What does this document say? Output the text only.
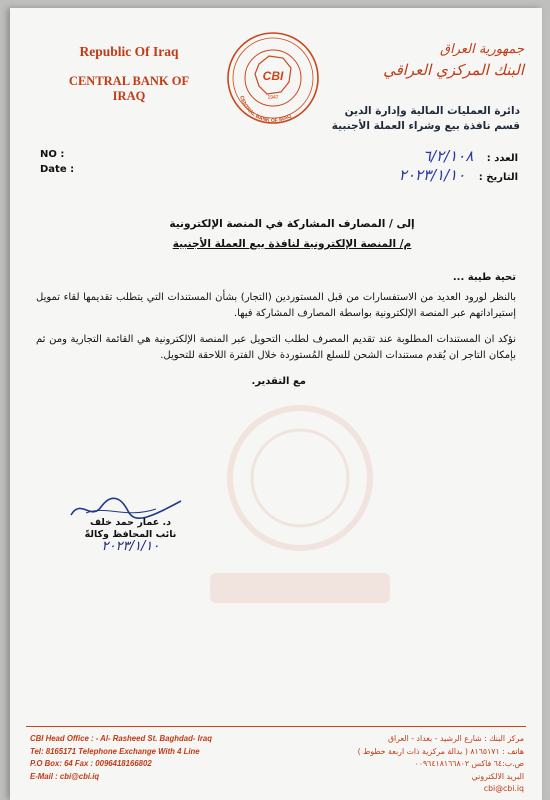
Republic Of Iraq
CENTRAL BANK OF IRAQ
CBI
1947
CENTRAL BANK OF IRAQ
جمهورية العراق
البنك المركزي العراقي
دائرة العمليات المالية وإدارة الدين
قسم نافذة بيع وشراء العملة الأجنبية
NO :
Date :
العدد : ٦/٢/١٠٨
التاريخ : ٢٠٢٣/١/١٠
إلى / المصارف المشاركة في المنصة الإلكترونية
م/ المنصة الإلكترونية لنافذة بيع العملة الأجنبية
تحية طيبة ...

بالنظر لورود العديد من الاستفسارات من قبل المستوردين (التجار) بشأن المستندات التي يتطلب تقديمها لقاء تمويل إستيراداتهم عبر المنصة الإلكترونية بواسطة المصارف المشاركة فيها.

نؤكد ان المستندات المطلوبة عند تقديم المصرف لطلب التحويل عبر المنصة الإلكترونية هي القائمة التجارية ومن ثم بإمكان التاجر ان يُقدم مستندات الشحن للسلع المُستوردة خلال الفترة اللاحقة للتحويل.

مع التقدير.
د. عمار حمد خلف
نائب المحافظ وكالةً
٢٠٢٣/١/١٠
CBI Head Office : - Al- Rasheed St. Baghdad- Iraq
Tel: 8165171 Telephone Exchange With 4 Line
P.O Box: 64 Fax : 0096418166802
E-Mail : cbi@cbi.iq
مركز البنك : شارع الرشيد - بغداد - العراق
هاتف : ٨١٦٥١٧١ ( بدالة مركزية ذات اربعة خطوط )
ص.ب:٦٤ فاكس ٠٠٩٦٤١٨١٦٦٨٠٢
البريد الالكتروني
cbi@cbi.iq
